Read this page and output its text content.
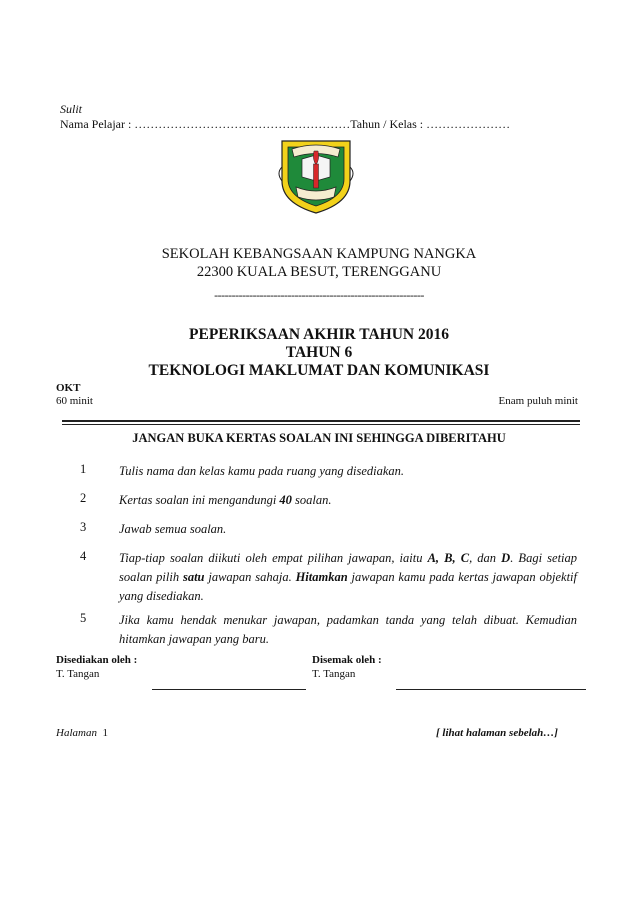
Sulit
Nama Pelajar : ………………………………………………Tahun / Kelas : …………………
SEKOLAH KEBANGSAAN KAMPUNG NANGKA
22300 KUALA BESUT, TERENGGANU
------------------------------------------------------------
PEPERIKSAAN AKHIR TAHUN 2016
TAHUN 6
TEKNOLOGI MAKLUMAT DAN KOMUNIKASI
OKT
60 minit	Enam puluh minit
JANGAN BUKA KERTAS SOALAN INI SEHINGGA DIBERITAHU
1	Tulis nama dan kelas kamu pada ruang yang disediakan.
2	Kertas soalan ini mengandungi 40 soalan.
3	Jawab semua soalan.
4	Tiap-tiap soalan diikuti oleh empat pilihan jawapan, iaitu A, B, C, dan D. Bagi setiap soalan pilih satu jawapan sahaja. Hitamkan jawapan kamu pada kertas jawapan objektif yang disediakan.
5	Jika kamu hendak menukar jawapan, padamkan tanda yang telah dibuat. Kemudian hitamkan jawapan yang baru.
Disediakan oleh :
T. Tangan
Disemak oleh :
T. Tangan
Halaman 1	[ lihat halaman sebelah…]
